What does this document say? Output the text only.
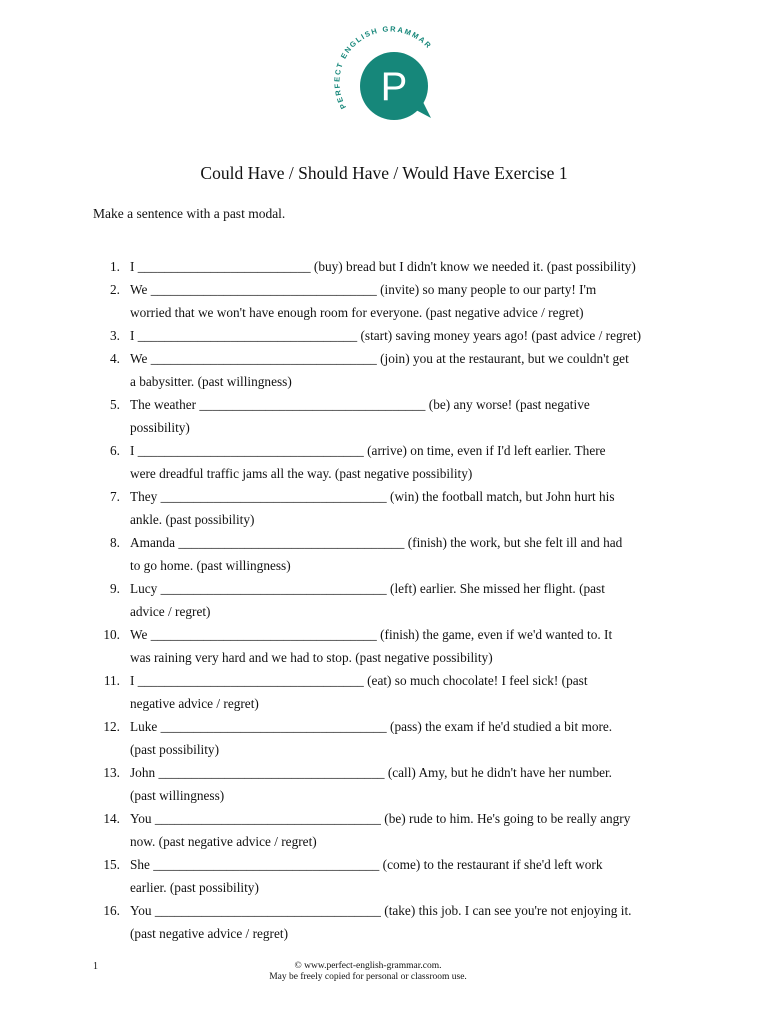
PERFECT ENGLISH GRAMMAR
P
Could Have / Should Have / Would Have Exercise 1
Make a sentence with a past modal.
1. I __________________________ (buy) bread but I didn't know we needed it. (past possibility)
2. We __________________________________ (invite) so many people to our party! I'm
worried that we won't have enough room for everyone. (past negative advice / regret)
3. I _________________________________ (start) saving money years ago! (past advice / regret)
4. We __________________________________ (join) you at the restaurant, but we couldn't get
a babysitter. (past willingness)
5. The weather __________________________________ (be) any worse! (past negative
possibility)
6. I __________________________________ (arrive) on time, even if I'd left earlier. There
were dreadful traffic jams all the way. (past negative possibility)
7. They __________________________________ (win) the football match, but John hurt his
ankle. (past possibility)
8. Amanda __________________________________ (finish) the work, but she felt ill and had
to go home. (past willingness)
9. Lucy __________________________________ (left) earlier. She missed her flight. (past
advice / regret)
10. We __________________________________ (finish) the game, even if we'd wanted to. It
was raining very hard and we had to stop. (past negative possibility)
11. I __________________________________ (eat) so much chocolate! I feel sick! (past
negative advice / regret)
12. Luke __________________________________ (pass) the exam if he'd studied a bit more.
(past possibility)
13. John __________________________________ (call) Amy, but he didn't have her number.
(past willingness)
14. You __________________________________ (be) rude to him. He's going to be really angry
now. (past negative advice / regret)
15. She __________________________________ (come) to the restaurant if she'd left work
earlier. (past possibility)
16. You __________________________________ (take) this job. I can see you're not enjoying it.
(past negative advice / regret)
1	© www.perfect-english-grammar.com.
May be freely copied for personal or classroom use.
